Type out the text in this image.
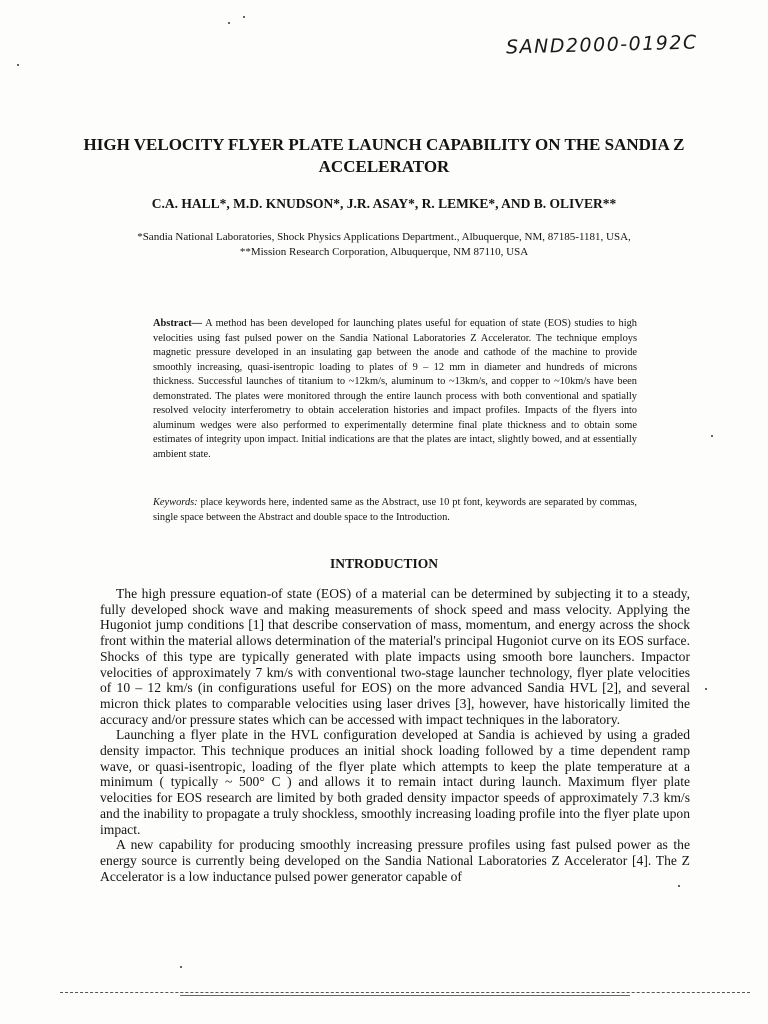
SAND2000-0192C
HIGH VELOCITY FLYER PLATE LAUNCH CAPABILITY ON THE SANDIA Z ACCELERATOR
C.A. HALL*, M.D. KNUDSON*, J.R. ASAY*, R. LEMKE*, AND B. OLIVER**
*Sandia National Laboratories, Shock Physics Applications Department., Albuquerque, NM, 87185-1181, USA,
**Mission Research Corporation, Albuquerque, NM 87110, USA

Abstract— A method has been developed for launching plates useful for equation of state (EOS) studies to high velocities using fast pulsed power on the Sandia National Laboratories Z Accelerator. The technique employs magnetic pressure developed in an insulating gap between the anode and cathode of the machine to provide smoothly increasing, quasi-isentropic loading to plates of 9 – 12 mm in diameter and hundreds of microns thickness. Successful launches of titanium to ~12km/s, aluminum to ~13km/s, and copper to ~10km/s have been demonstrated. The plates were monitored through the entire launch process with both conventional and spatially resolved velocity interferometry to obtain acceleration histories and impact profiles. Impacts of the flyers into aluminum wedges were also performed to experimentally determine final plate thickness and to obtain some estimates of integrity upon impact. Initial indications are that the plates are intact, slightly bowed, and at essentially ambient state.

Keywords: place keywords here, indented same as the Abstract, use 10 pt font, keywords are separated by commas, single space between the Abstract and double space to the Introduction.

INTRODUCTION

The high pressure equation-of state (EOS) of a material can be determined by subjecting it to a steady, fully developed shock wave and making measurements of shock speed and mass velocity. Applying the Hugoniot jump conditions [1] that describe conservation of mass, momentum, and energy across the shock front within the material allows determination of the material's principal Hugoniot curve on its EOS surface. Shocks of this type are typically generated with plate impacts using smooth bore launchers. Impactor velocities of approximately 7 km/s with conventional two-stage launcher technology, flyer plate velocities of 10 – 12 km/s (in configurations useful for EOS) on the more advanced Sandia HVL [2], and several micron thick plates to comparable velocities using laser drives [3], however, have historically limited the accuracy and/or pressure states which can be accessed with impact techniques in the laboratory.

Launching a flyer plate in the HVL configuration developed at Sandia is achieved by using a graded density impactor. This technique produces an initial shock loading followed by a time dependent ramp wave, or quasi-isentropic, loading of the flyer plate which attempts to keep the plate temperature at a minimum ( typically ~ 500° C ) and allows it to remain intact during launch. Maximum flyer plate velocities for EOS research are limited by both graded density impactor speeds of approximately 7.3 km/s and the inability to propagate a truly shockless, smoothly increasing loading profile into the flyer plate upon impact.

A new capability for producing smoothly increasing pressure profiles using fast pulsed power as the energy source is currently being developed on the Sandia National Laboratories Z Accelerator [4]. The Z Accelerator is a low inductance pulsed power generator capable of
